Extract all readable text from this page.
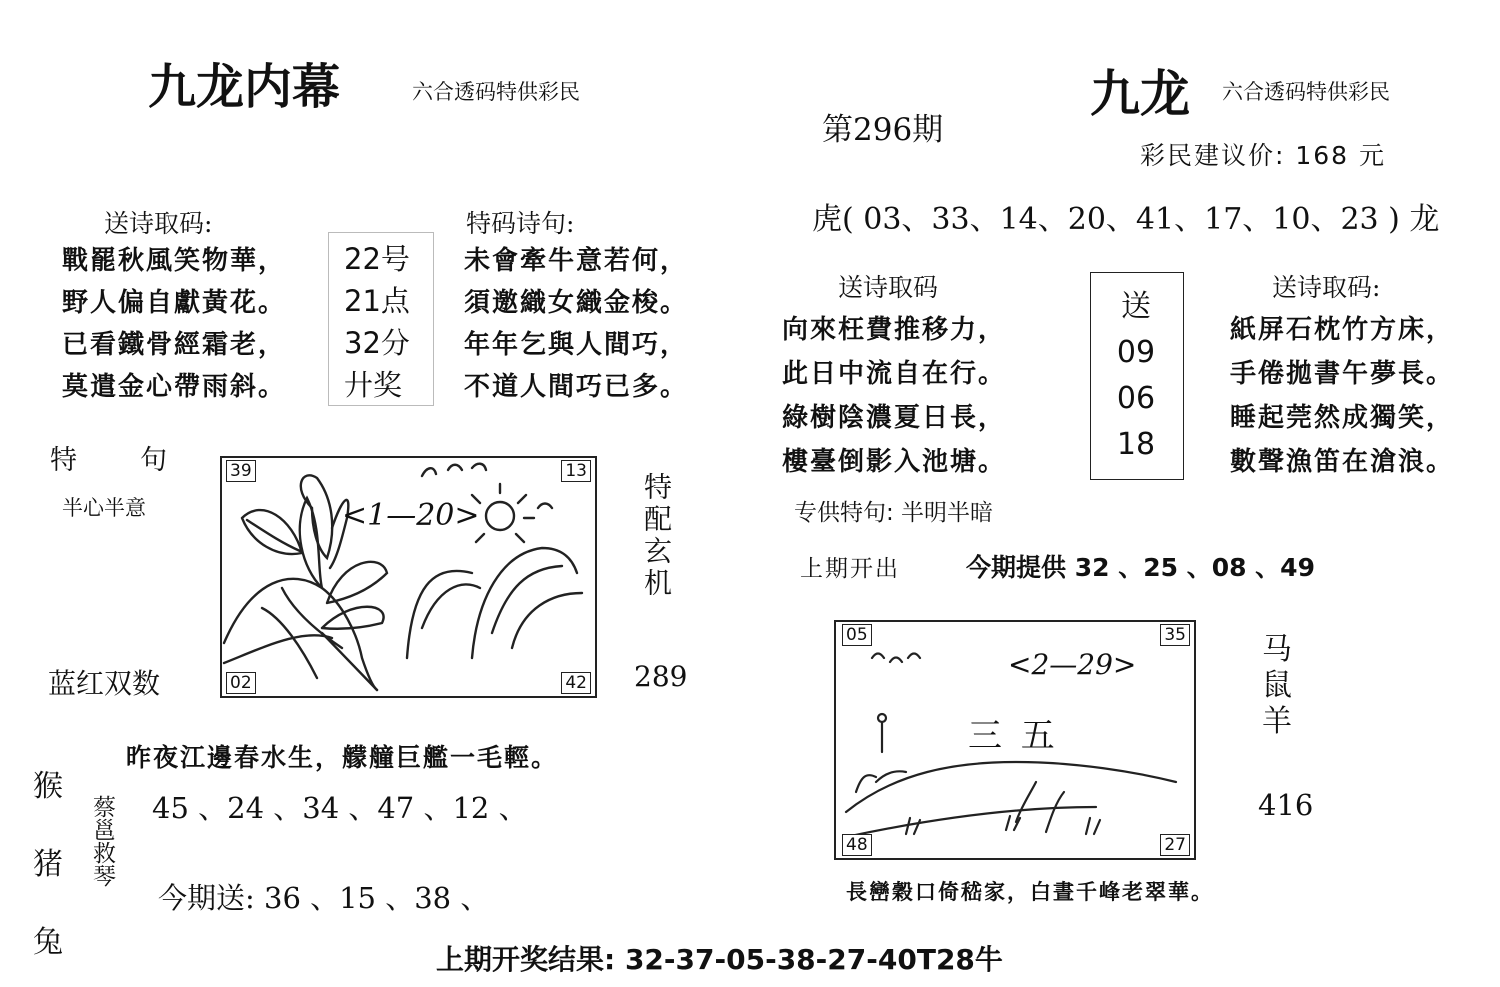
九龙内幕	六合透码特供彩民
送诗取码:
戰罷秋風笑物華，
野人偏自獻黃花。
已看鐵骨經霜老，
莫遣金心帶雨斜。
22号
21点
32分
廾奖
特码诗句:
未會牽牛意若何，
須邀織女織金梭。
年年乞與人間巧，
不道人間巧已多。
特　句
半心半意
39	13
02	42
<1—20>	特配玄机
蓝红双数	289
昨夜江邊春水生，艨艟巨艦一毛輕。
猴
猪
兔
蔡邕救琴 45 、24 、34 、47 、12 、
今期送: 36 、15 、38 、
九龙 六合透码特供彩民
第296期
彩民建议价: 168 元
虎( 03、33、14、20、41、17、10、23 ) 龙
送诗取码
向來枉費推移力，
此日中流自在行。
綠樹陰濃夏日長，
樓臺倒影入池塘。
送
09
06
18
送诗取码:
紙屏石枕竹方床，
手倦拋書午夢長。
睡起莞然成獨笑，
數聲漁笛在滄浪。
专供特句: 半明半暗
上期开出	今期提供 32 、25 、08 、49
05	35
48	27
<2—29>
三 五
马
鼠
羊
416
長巒穀口倚嵇家，白晝千峰老翠華。
上期开奖结果: 32-37-05-38-27-40T28牛
